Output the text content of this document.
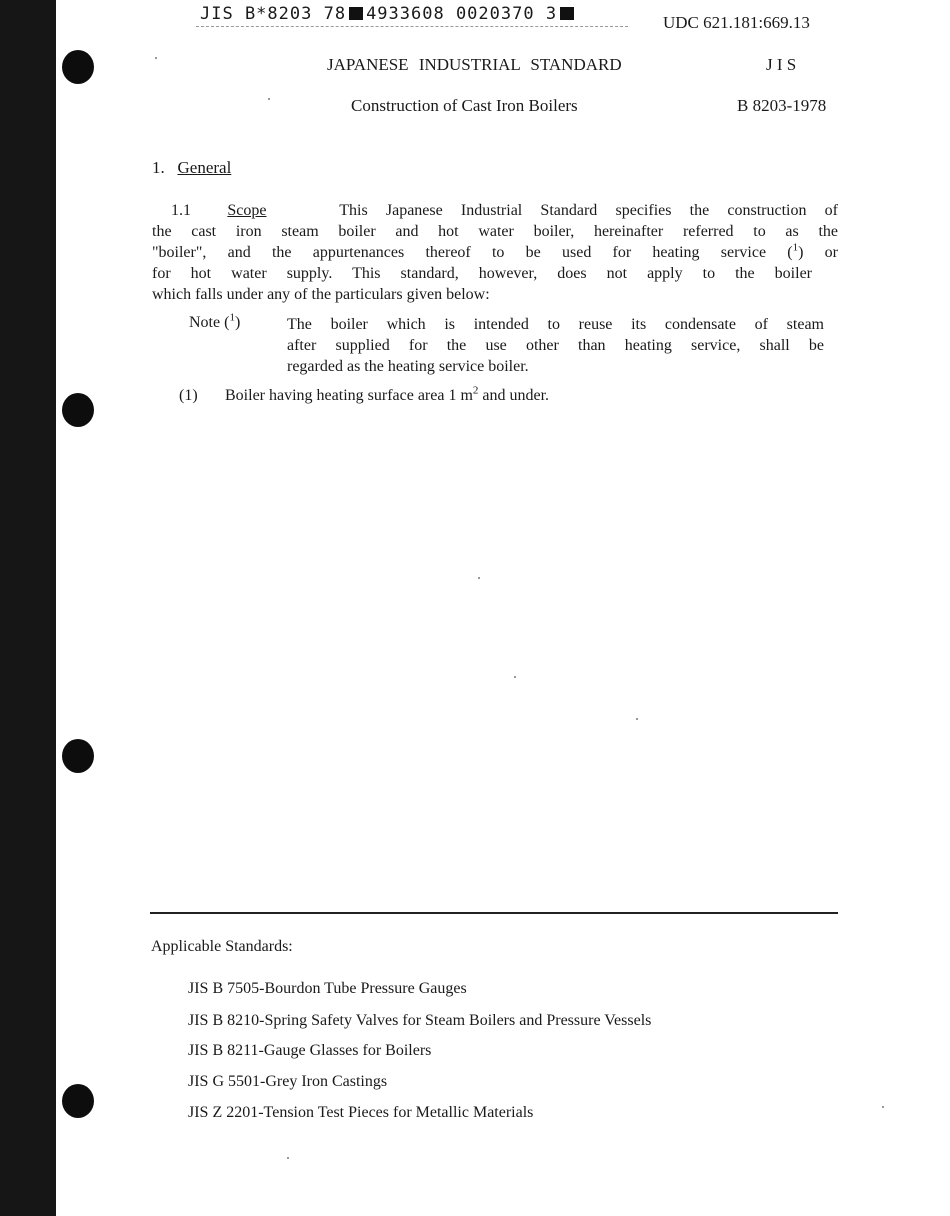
JIS B*8203 78 4933608 0020370 3	UDC 621.181:669.13
JAPANESE INDUSTRIAL STANDARD	J I S
Construction of Cast Iron Boilers	B 8203-1978
1. General
1.1 Scope	This Japanese Industrial Standard specifies the construction of
the cast iron steam boiler and hot water boiler, hereinafter referred to as the
"boiler", and the appurtenances thereof to be used for heating service ($^1$) or
for hot water supply. This standard, however, does not apply to the boiler
which falls under any of the particulars given below:
Note ($^1$)	The boiler which is intended to reuse its condensate of steam
after supplied for the use other than heating service, shall be
regarded as the heating service boiler.
(1) Boiler having heating surface area 1 $m^2$ and under.
Applicable Standards:
JIS B 7505-Bourdon Tube Pressure Gauges
JIS B 8210-Spring Safety Valves for Steam Boilers and Pressure Vessels
JIS B 8211-Gauge Glasses for Boilers
JIS G 5501-Grey Iron Castings
JIS Z 2201-Tension Test Pieces for Metallic Materials
